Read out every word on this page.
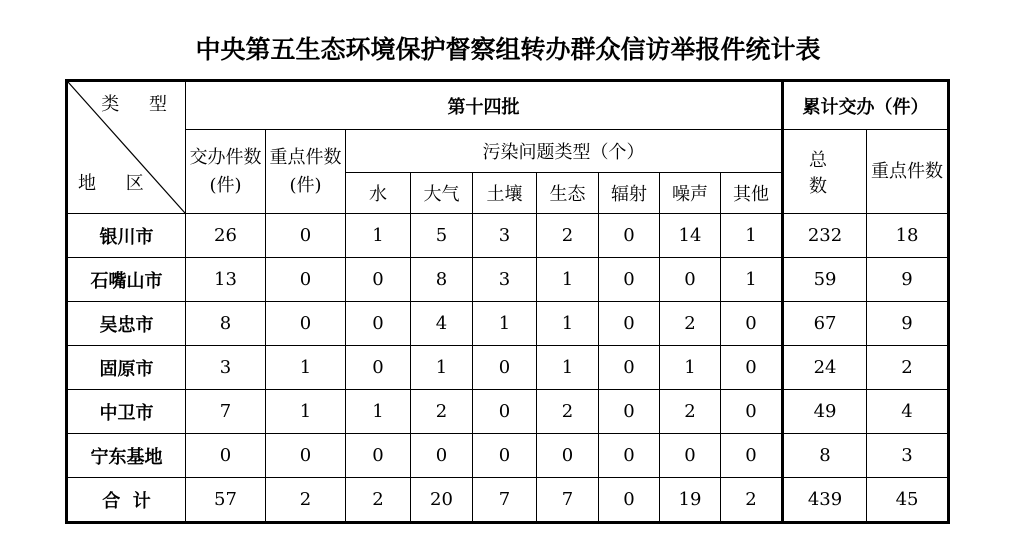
中央第五生态环境保护督察组转办群众信访举报件统计表
类 型
地 区	第十四批									累计交办（件）	
	交办件数(件)	重点件数(件)	污染问题类型（个）							总 数	重点件数
			水	大气	土壤	生态	辐射	噪声	其他		
银川市	26	0	1	5	3	2	0	14	1	232	18
石嘴山市	13	0	0	8	3	1	0	0	1	59	9
吴忠市	8	0	0	4	1	1	0	2	0	67	9
固原市	3	1	0	1	0	1	0	1	0	24	2
中卫市	7	1	1	2	0	2	0	2	0	49	4
宁东基地	0	0	0	0	0	0	0	0	0	8	3
合  计	57	2	2	20	7	7	0	19	2	439	45
